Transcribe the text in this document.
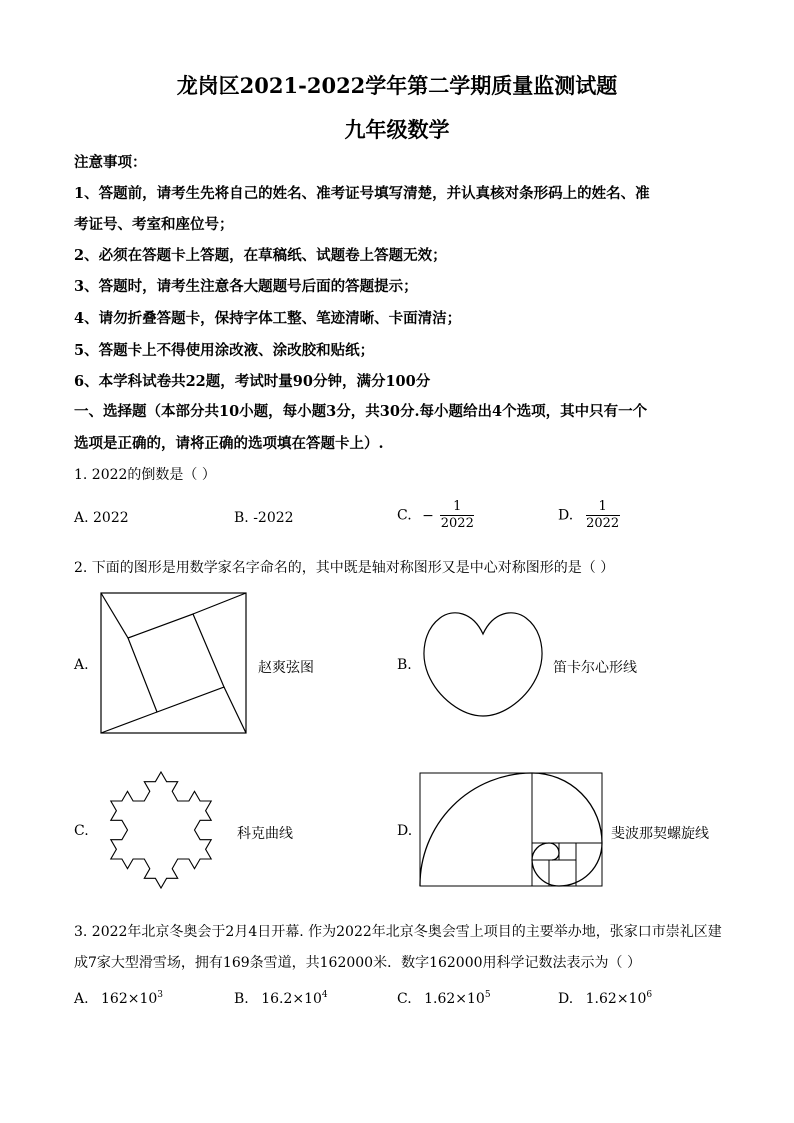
龙岗区2021-2022学年第二学期质量监测试题
九年级数学
注意事项：
1、答题前，请考生先将自己的姓名、准考证号填写清楚，并认真核对条形码上的姓名、准
考证号、考室和座位号；
2、必须在答题卡上答题，在草稿纸、试题卷上答题无效；
3、答题时，请考生注意各大题题号后面的答题提示；
4、请勿折叠答题卡，保持字体工整、笔迹清晰、卡面清洁；
5、答题卡上不得使用涂改液、涂改胶和贴纸；
6、本学科试卷共22题，考试时量90分钟，满分100分
一、选择题（本部分共10小题，每小题3分，共30分.每小题给出4个选项，其中只有一个
选项是正确的，请将正确的选项填在答题卡上）.
1. 2022的倒数是（ ）
A. 2022	B. -2022	C. − $\frac{1}{2022}$	D. $\frac{1}{2022}$
2. 下面的图形是用数学家名字命名的，其中既是轴对称图形又是中心对称图形的是（ ）
A.	赵爽弦图	B.	笛卡尔心形线
C.	科克曲线	D.	斐波那契螺旋线
3. 2022年北京冬奥会于2月4日开幕. 作为2022年北京冬奥会雪上项目的主要举办地，张家口市崇礼区建
成7家大型滑雪场，拥有169条雪道，共162000米．数字162000用科学记数法表示为（ ）
A. $162\times 10^3$	B. $16.2\times 10^4$	C. $1.62\times 10^5$	D. $1.62\times 10^6$
